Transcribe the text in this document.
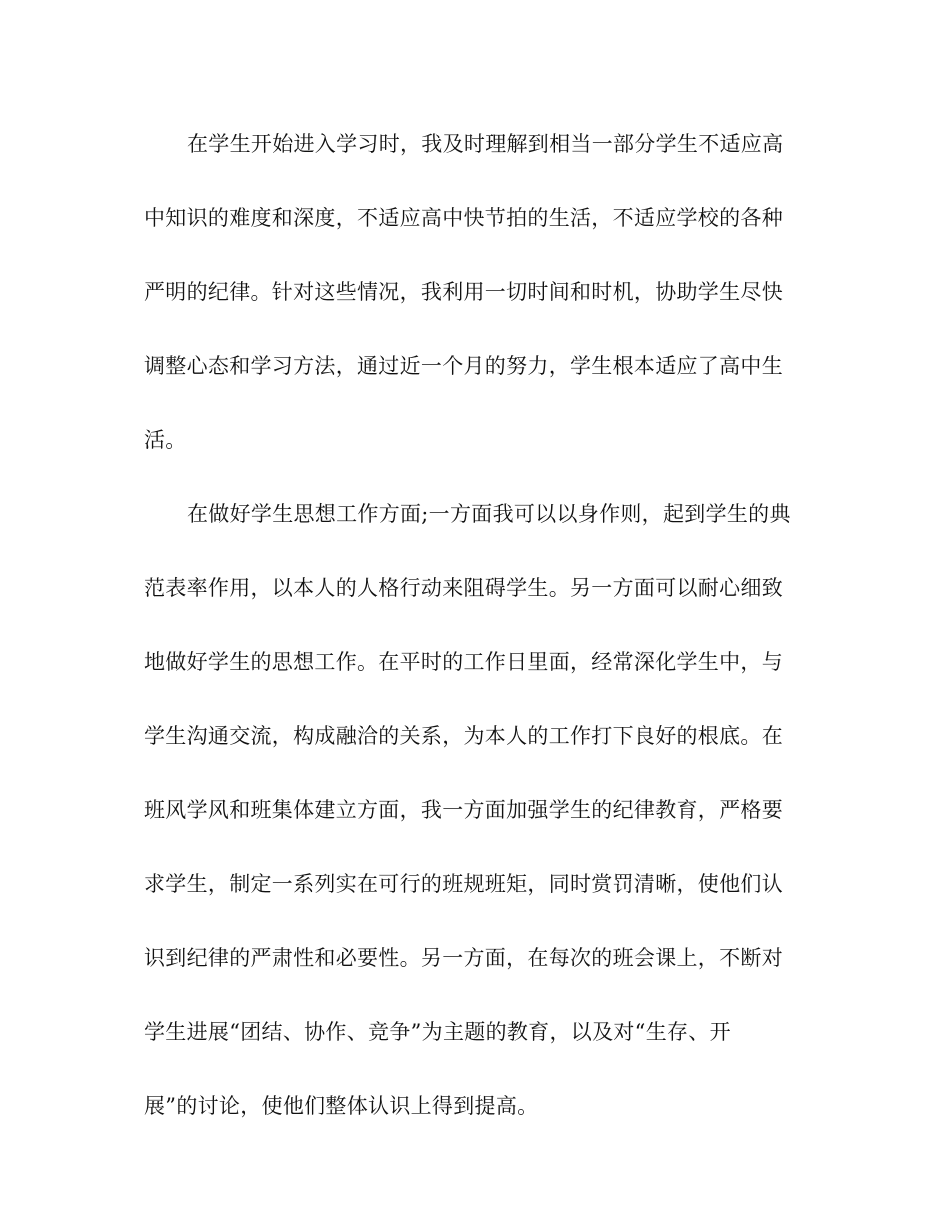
在学生开始进入学习时，我及时理解到相当一部分学生不适应高
中知识的难度和深度，不适应高中快节拍的生活，不适应学校的各种
严明的纪律。针对这些情况，我利用一切时间和时机，协助学生尽快
调整心态和学习方法，通过近一个月的努力，学生根本适应了高中生
活。
在做好学生思想工作方面;一方面我可以以身作则，起到学生的典
范表率作用，以本人的人格行动来阻碍学生。另一方面可以耐心细致
地做好学生的思想工作。在平时的工作日里面，经常深化学生中，与
学生沟通交流，构成融洽的关系，为本人的工作打下良好的根底。在
班风学风和班集体建立方面，我一方面加强学生的纪律教育，严格要
求学生，制定一系列实在可行的班规班矩，同时赏罚清晰，使他们认
识到纪律的严肃性和必要性。另一方面，在每次的班会课上，不断对
学生进展“团结、协作、竞争”为主题的教育，以及对“生存、开
展”的讨论，使他们整体认识上得到提高。
